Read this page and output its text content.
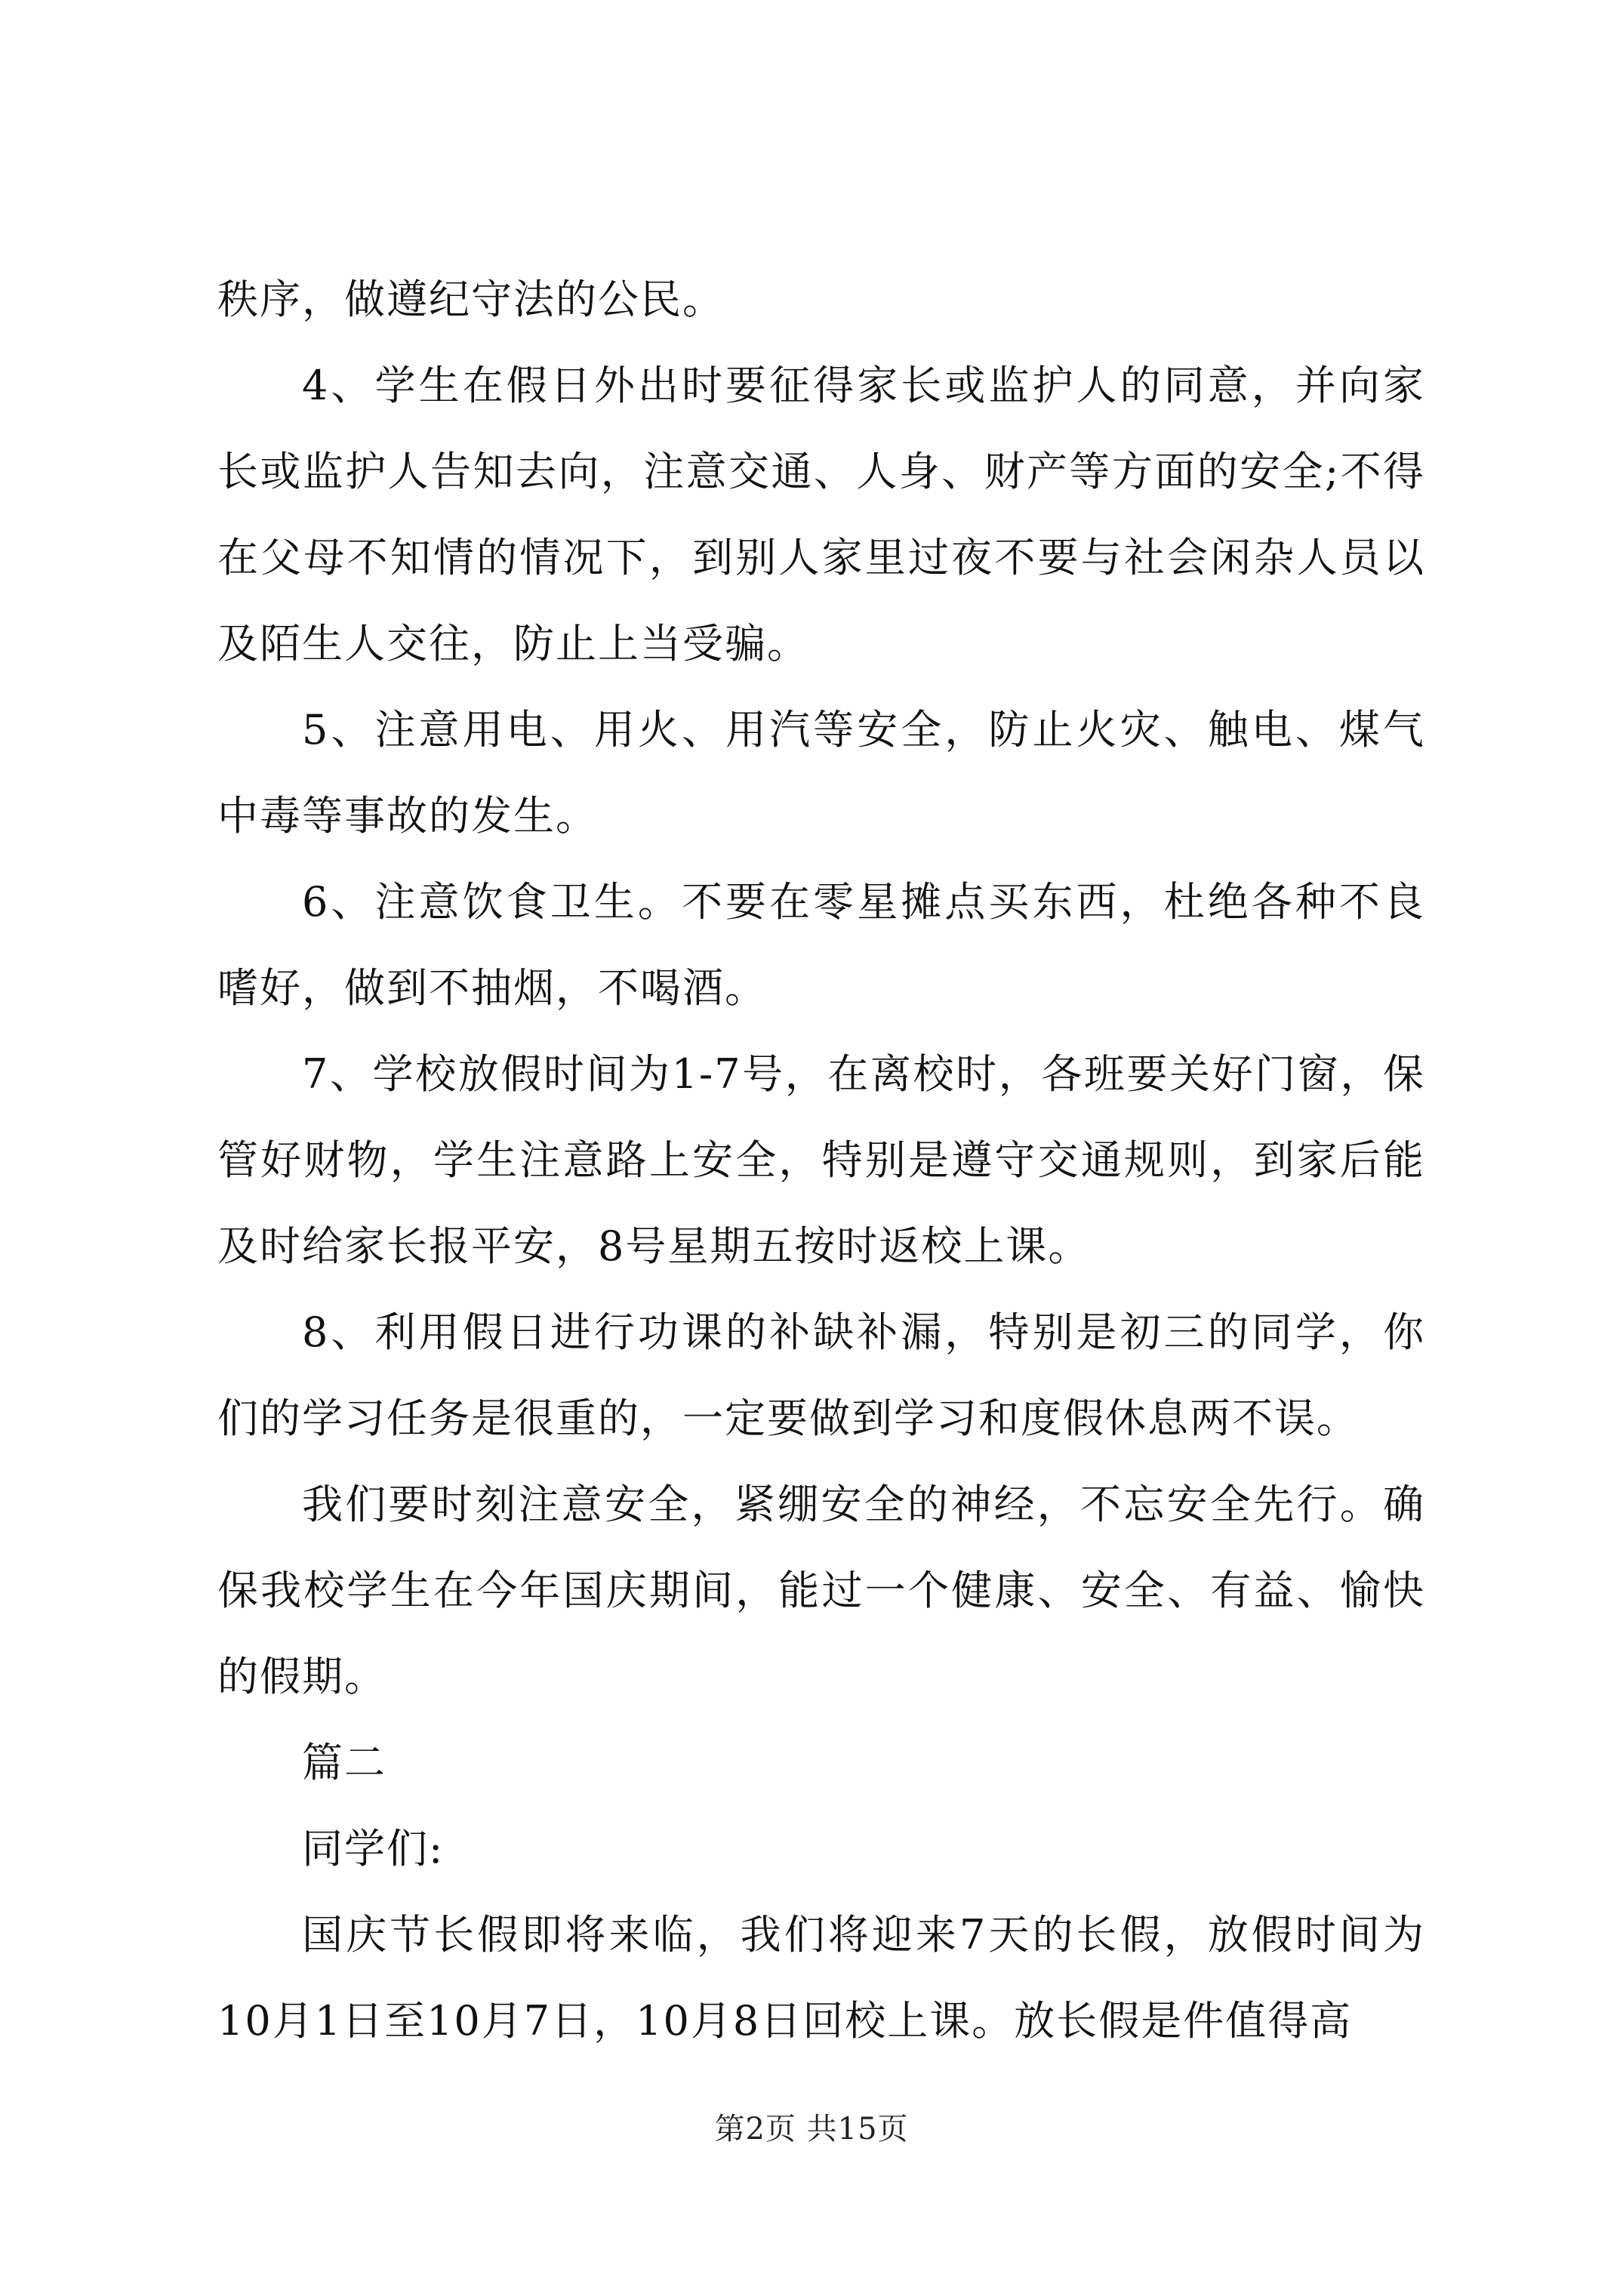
秩序，做遵纪守法的公民。

4、学生在假日外出时要征得家长或监护人的同意，并向家长或监护人告知去向，注意交通、人身、财产等方面的安全;不得在父母不知情的情况下，到别人家里过夜不要与社会闲杂人员以及陌生人交往，防止上当受骗。

5、注意用电、用火、用汽等安全，防止火灾、触电、煤气中毒等事故的发生。

6、注意饮食卫生。不要在零星摊点买东西，杜绝各种不良嗜好，做到不抽烟，不喝酒。

7、学校放假时间为1-7号，在离校时，各班要关好门窗，保管好财物，学生注意路上安全，特别是遵守交通规则，到家后能及时给家长报平安，8号星期五按时返校上课。

8、利用假日进行功课的补缺补漏，特别是初三的同学，你们的学习任务是很重的，一定要做到学习和度假休息两不误。

我们要时刻注意安全，紧绷安全的神经，不忘安全先行。确保我校学生在今年国庆期间，能过一个健康、安全、有益、愉快的假期。

篇二

同学们:

国庆节长假即将来临，我们将迎来7天的长假，放假时间为10月1日至10月7日，10月8日回校上课。放长假是件值得高

第2页 共15页
